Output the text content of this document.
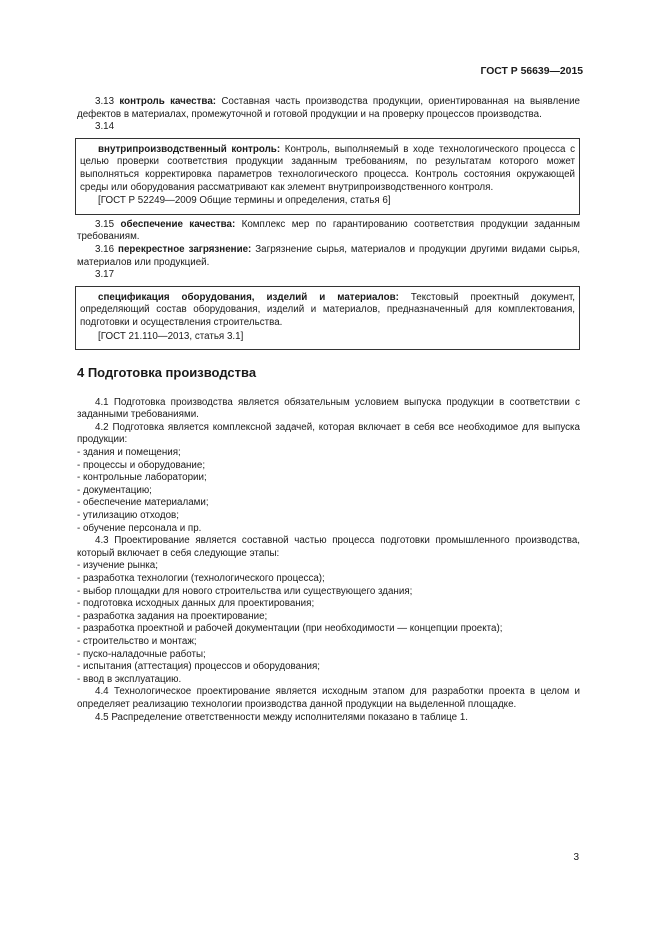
ГОСТ Р 56639—2015

3.13 контроль качества: Составная часть производства продукции, ориентированная на выявление дефектов в материалах, промежуточной и готовой продукции и на проверку процессов производства.

3.14

внутрипроизводственный контроль: Контроль, выполняемый в ходе технологического процесса с целью проверки соответствия продукции заданным требованиям, по результатам которого может выполняться корректировка параметров технологического процесса. Контроль состояния окружающей среды или оборудования рассматривают как элемент внутрипроизводственного контроля.

[ГОСТ Р 52249—2009 Общие термины и определения, статья 6]

3.15 обеспечение качества: Комплекс мер по гарантированию соответствия продукции заданным требованиям.

3.16 перекрестное загрязнение: Загрязнение сырья, материалов и продукции другими видами сырья, материалов или продукцией.

3.17

спецификация оборудования, изделий и материалов: Текстовый проектный документ, определяющий состав оборудования, изделий и материалов, предназначенный для комплектования, подготовки и осуществления строительства.

[ГОСТ 21.110—2013, статья 3.1]

4 Подготовка производства

4.1 Подготовка производства является обязательным условием выпуска продукции в соответствии с заданными требованиями.

4.2 Подготовка является комплексной задачей, которая включает в себя все необходимое для выпуска продукции:

- здания и помещения;
- процессы и оборудование;
- контрольные лаборатории;
- документацию;
- обеспечение материалами;
- утилизацию отходов;
- обучение персонала и пр.

4.3 Проектирование является составной частью процесса подготовки промышленного производства, который включает в себя следующие этапы:

- изучение рынка;
- разработка технологии (технологического процесса);
- выбор площадки для нового строительства или существующего здания;
- подготовка исходных данных для проектирования;
- разработка задания на проектирование;
- разработка проектной и рабочей документации (при необходимости — концепции проекта);
- строительство и монтаж;
- пуско-наладочные работы;
- испытания (аттестация) процессов и оборудования;
- ввод в эксплуатацию.

4.4 Технологическое проектирование является исходным этапом для разработки проекта в целом и определяет реализацию технологии производства данной продукции на выделенной площадке.

4.5 Распределение ответственности между исполнителями показано в таблице 1.

3
